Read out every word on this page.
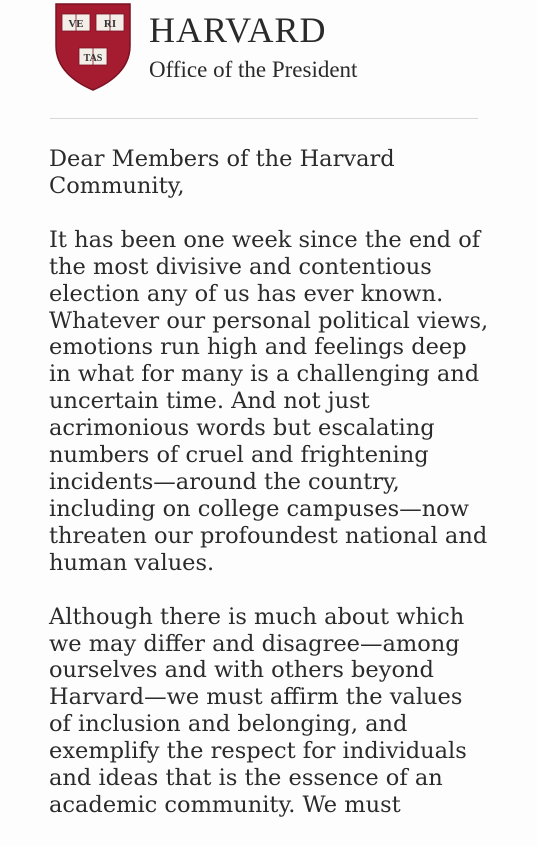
VE RI
TAS
HARVARD
Office of the President

Dear Members of the Harvard Community,

It has been one week since the end of the most divisive and contentious election any of us has ever known. Whatever our personal political views, emotions run high and feelings deep in what for many is a challenging and uncertain time. And not just acrimonious words but escalating numbers of cruel and frightening incidents—around the country, including on college campuses—now threaten our profoundest national and human values.

Although there is much about which we may differ and disagree—among ourselves and with others beyond Harvard—we must affirm the values of inclusion and belonging, and exemplify the respect for individuals and ideas that is the essence of an academic community. We must
